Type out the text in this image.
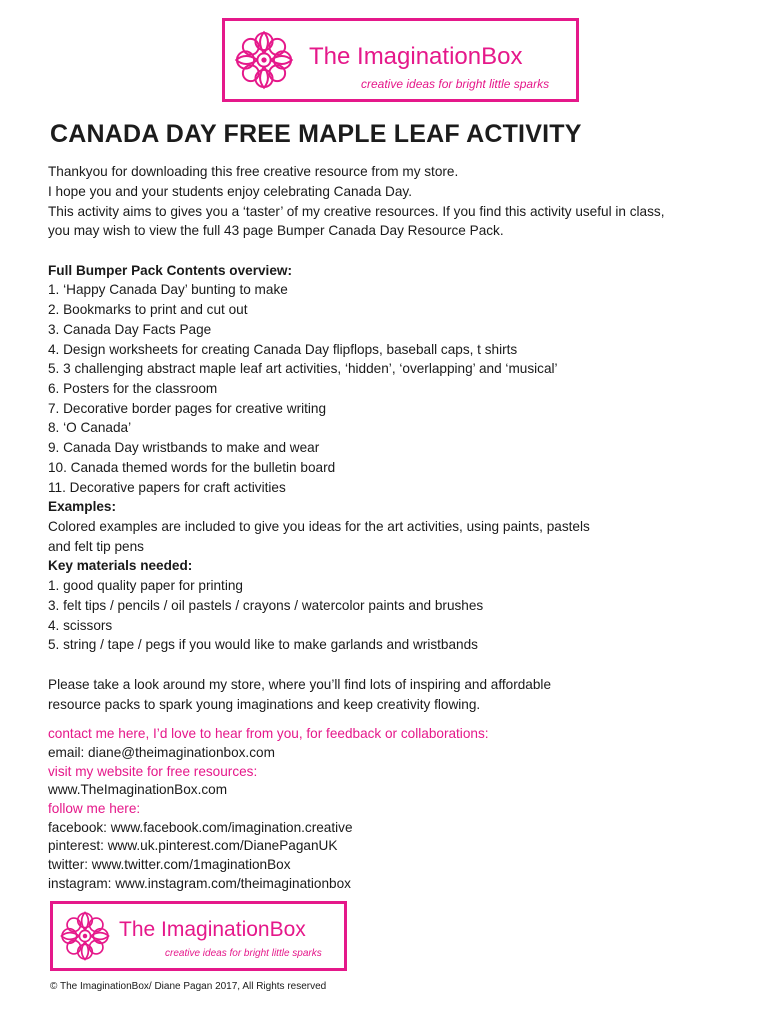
The ImaginationBox
creative ideas for bright little sparks
CANADA DAY FREE MAPLE LEAF ACTIVITY
Thankyou for downloading this free creative resource from my store.
I hope you and your students enjoy celebrating Canada Day.
This activity aims to gives you a ‘taster’ of my creative resources. If you find this activity useful in class,
you may wish to view the full 43 page Bumper Canada Day Resource Pack.
Full Bumper Pack Contents overview:
1. ‘Happy Canada Day’ bunting to make
2. Bookmarks to print and cut out
3. Canada Day Facts Page
4. Design worksheets for creating Canada Day flipflops, baseball caps, t shirts
5. 3 challenging abstract maple leaf art activities, ‘hidden’, ‘overlapping’ and ‘musical’
6. Posters for the classroom
7. Decorative border pages for creative writing
8. ‘O Canada’
9. Canada Day wristbands to make and wear
10. Canada themed words for the bulletin board
11. Decorative papers for craft activities
Examples:
Colored examples are included to give you ideas for the art activities, using paints, pastels
and felt tip pens
Key materials needed:
1. good quality paper for printing
3. felt tips / pencils / oil pastels / crayons / watercolor paints and brushes
4. scissors
5. string / tape / pegs if you would like to make garlands and wristbands
Please take a look around my store, where you’ll find lots of inspiring and affordable
resource packs to spark young imaginations and keep creativity flowing.
contact me here, I’d love to hear from you, for feedback or collaborations:
email: diane@theimaginationbox.com
visit my website for free resources:
www.TheImaginationBox.com
follow me here:
facebook: www.facebook.com/imagination.creative
pinterest: www.uk.pinterest.com/DianePaganUK
twitter: www.twitter.com/1maginationBox
instagram: www.instagram.com/theimaginationbox
The ImaginationBox
creative ideas for bright little sparks
© The ImaginationBox/ Diane Pagan 2017, All Rights reserved
